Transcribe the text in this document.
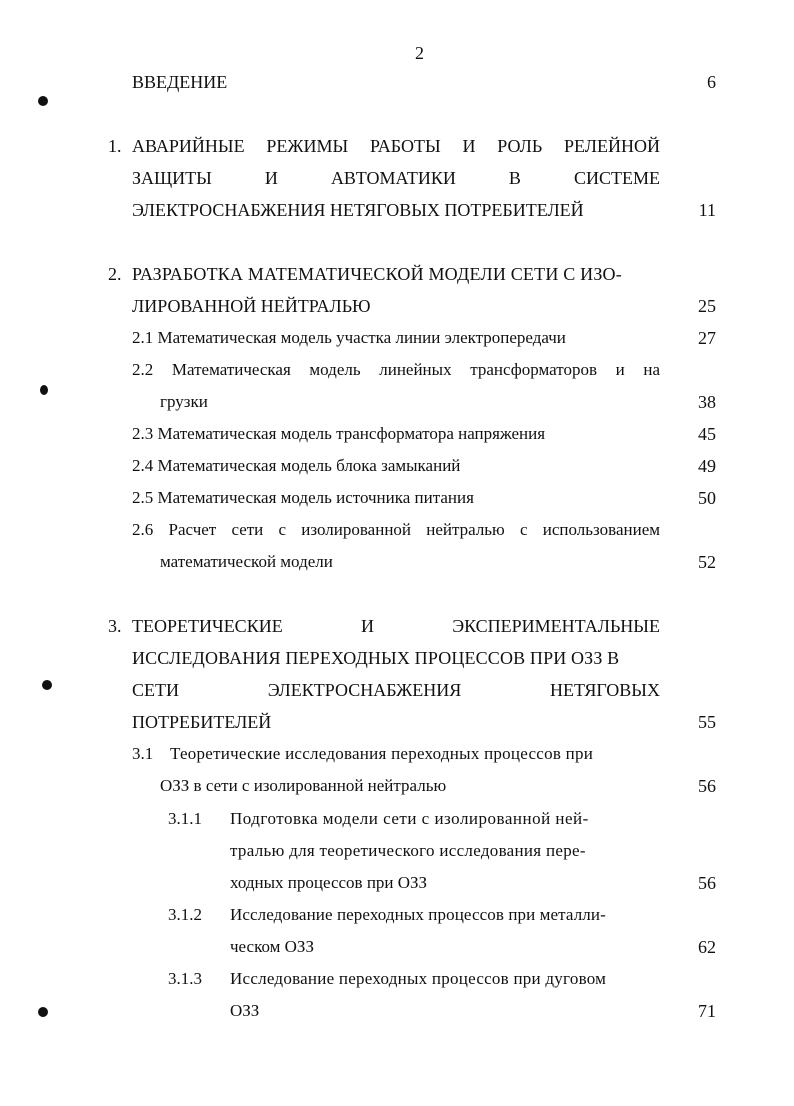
2
ВВЕДЕНИЕ	6
1. АВАРИЙНЫЕ РЕЖИМЫ РАБОТЫ И РОЛЬ РЕЛЕЙНОЙ
ЗАЩИТЫ	И	АВТОМАТИКИ	В	СИСТЕМЕ
ЭЛЕКТРОСНАБЖЕНИЯ НЕТЯГОВЫХ ПОТРЕБИТЕЛЕЙ	11
2. РАЗРАБОТКА МАТЕМАТИЧЕСКОЙ МОДЕЛИ СЕТИ С ИЗО-
ЛИРОВАННОЙ НЕЙТРАЛЬЮ	25
2.1 Математическая модель участка линии электропередачи	27
2.2 Математическая модель линейных трансформаторов и на
грузки	38
2.3 Математическая модель трансформатора напряжения	45
2.4 Математическая модель блока замыканий	49
2.5 Математическая модель источника питания	50
2.6 Расчет сети с изолированной нейтралью с использованием
математической модели	52
3. ТЕОРЕТИЧЕСКИЕ	И	ЭКСПЕРИМЕНТАЛЬНЫЕ
ИССЛЕДОВАНИЯ ПЕРЕХОДНЫХ ПРОЦЕССОВ ПРИ ОЗЗ В
СЕТИ	ЭЛЕКТРОСНАБЖЕНИЯ	НЕТЯГОВЫХ
ПОТРЕБИТЕЛЕЙ	55
3.1 Теоретические исследования переходных процессов при
ОЗЗ в сети с изолированной нейтралью	56
3.1.1 Подготовка модели сети с изолированной ней-
тралью для теоретического исследования пере-
ходных процессов при ОЗЗ	56
3.1.2 Исследование переходных процессов при металли-
ческом ОЗЗ	62
3.1.3 Исследование переходных процессов при дуговом
ОЗЗ	71
